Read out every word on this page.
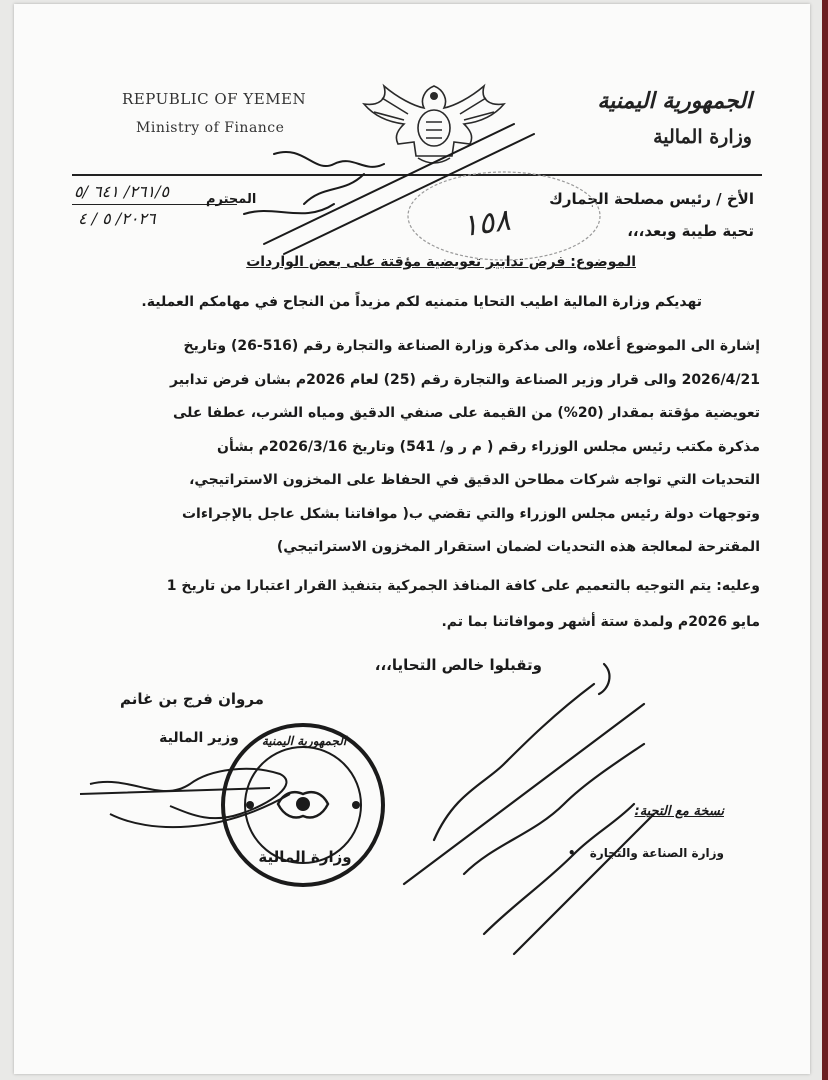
REPUBLIC OF YEMEN
Ministry of Finance
الجمهورية اليمنية
وزارة المالية
٢٦١/٥/ ٦٤١ /٥
٢٠٢٦/ ٥ / ٤
الأخ / رئيس مصلحة الجمارك
المحترم
تحية طيبة وبعد،،،
١٥٨
الموضوع: فرض تدابير تعويضية مؤقتة على بعض الواردات
تهديكم وزارة المالية اطيب التحايا متمنيه لكم مزيداً من النجاح في مهامكم العملية.
إشارة الى الموضوع أعلاه، والى مذكرة وزارة الصناعة والتجارة رقم (516-26) وتاريخ
2026/4/21 والى قرار وزير الصناعة والتجارة رقم (25) لعام 2026م بشان فرض تدابير
تعويضية مؤقتة بمقدار (20%) من القيمة على صنفي الدقيق ومياه الشرب، عطفا على
مذكرة مكتب رئيس مجلس الوزراء رقم ( م ر و/ 541) وتاريخ 2026/3/16م بشأن
التحديات التي تواجه شركات مطاحن الدقيق في الحفاظ على المخزون الاستراتيجي،
وتوجهات دولة رئيس مجلس الوزراء والتي تقضي ب( موافاتنا بشكل عاجل بالإجراءات
المقترحة لمعالجة هذه التحديات لضمان استقرار المخزون الاستراتيجي)
وعليه: يتم التوجيه بالتعميم على كافة المنافذ الجمركية بتنفيذ القرار اعتبارا من تاريخ 1
مايو 2026م ولمدة ستة أشهر وموافاتنا بما تم.
وتقبلوا خالص التحايا،،،
مروان فرج بن غانم
وزير المالية	الجمهورية اليمنية
وزارة المالية
نسخة مع التحية:
وزارة الصناعة والتجارة •
